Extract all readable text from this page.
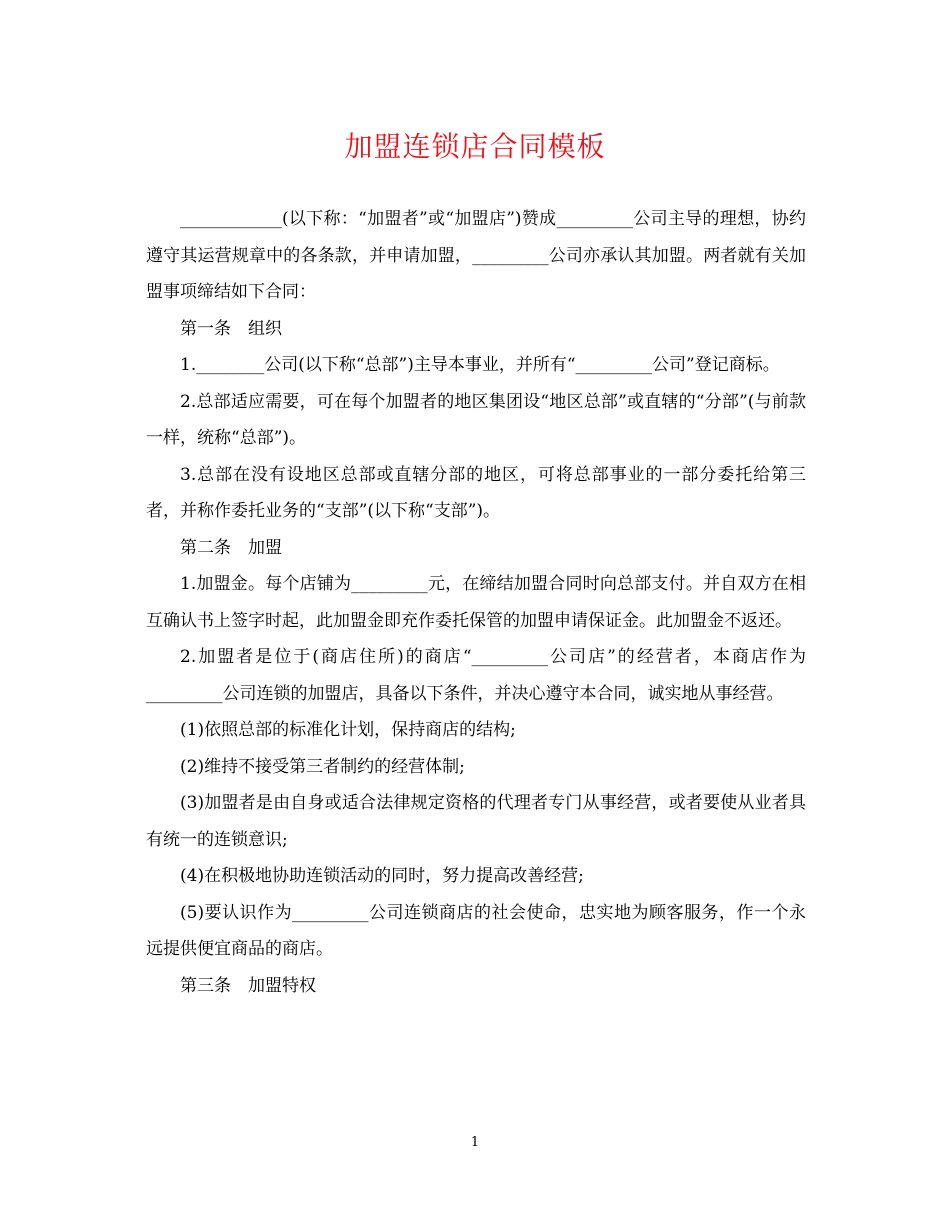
加盟连锁店合同模板

____________(以下称：“加盟者”或“加盟店”)赞成_________公司主导的理想，协约遵守其运营规章中的各条款，并申请加盟，_________公司亦承认其加盟。两者就有关加盟事项缔结如下合同：

第一条　组织

1.________公司(以下称“总部”)主导本事业，并所有“_________公司”登记商标。

2.总部适应需要，可在每个加盟者的地区集团设“地区总部”或直辖的“分部”(与前款一样，统称“总部”)。

3.总部在没有设地区总部或直辖分部的地区，可将总部事业的一部分委托给第三者，并称作委托业务的“支部”(以下称“支部”)。

第二条　加盟

1.加盟金。每个店铺为_________元，在缔结加盟合同时向总部支付。并自双方在相互确认书上签字时起，此加盟金即充作委托保管的加盟申请保证金。此加盟金不返还。

2.加盟者是位于(商店住所)的商店“_________公司店”的经营者，本商店作为_________公司连锁的加盟店，具备以下条件，并决心遵守本合同，诚实地从事经营。

(1)依照总部的标准化计划，保持商店的结构;

(2)维持不接受第三者制约的经营体制;

(3)加盟者是由自身或适合法律规定资格的代理者专门从事经营，或者要使从业者具有统一的连锁意识;

(4)在积极地协助连锁活动的同时，努力提高改善经营;

(5)要认识作为_________公司连锁商店的社会使命，忠实地为顾客服务，作一个永远提供便宜商品的商店。

第三条　加盟特权

1
